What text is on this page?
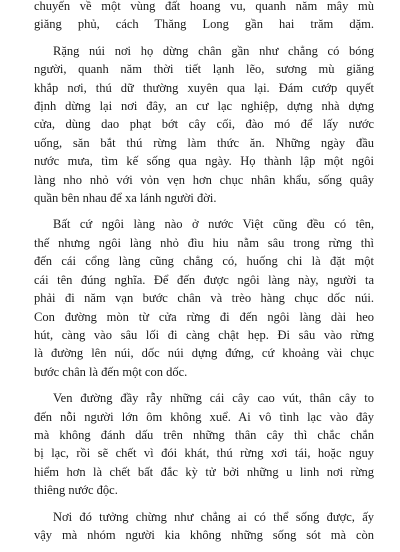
chuyến về một vùng đất hoang vu, quanh năm mây mù
giăng phủ, cách Thăng Long gần hai trăm dặm.
Rặng núi nơi họ dừng chân gần như chẳng có bóng
người, quanh năm thời tiết lạnh lẽo, sương mù giăng
khắp nơi, thú dữ thường xuyên qua lại. Đám cướp quyết
định dừng lại nơi đây, an cư lạc nghiệp, dựng nhà dựng
cửa, dùng dao phạt bớt cây cối, đào mó để lấy nước
uống, săn bắt thú rừng làm thức ăn. Những ngày đầu
nước mưa, tìm kế sống qua ngày. Họ thành lập một ngôi
làng nho nhỏ với vỏn vẹn hơn chục nhân khẩu, sống quây
quần bên nhau để xa lánh người đời.
Bất cứ ngôi làng nào ở nước Việt cũng đều có tên,
thế nhưng ngôi làng nhỏ đìu hiu nằm sâu trong rừng thì
đến cái cổng làng cũng chẳng có, huống chi là đặt một
cái tên đúng nghĩa. Để đến được ngôi làng này, người ta
phải đi năm vạn bước chân và trèo hàng chục dốc núi.
Con đường mòn từ cửa rừng đi đến ngôi làng dài heo
hút, càng vào sâu lối đi càng chật hẹp. Đi sâu vào rừng
là đường lên núi, dốc núi dựng đứng, cứ khoảng vài chục
bước chân là đến một con dốc.
Ven đường đầy rẫy những cái cây cao vút, thân cây to
đến nỗi người lớn ôm không xuể. Ai vô tình lạc vào đây
mà không đánh dấu trên những thân cây thì chắc chắn
bị lạc, rồi sẽ chết vì đói khát, thú rừng xơi tái, hoặc nguy
hiểm hơn là chết bất đắc kỳ tử bởi những u linh nơi rừng
thiêng nước độc.
Nơi đó tưởng chừng như chẳng ai có thể sống được, ấy
vậy mà nhóm người kia không những sống sót mà còn
